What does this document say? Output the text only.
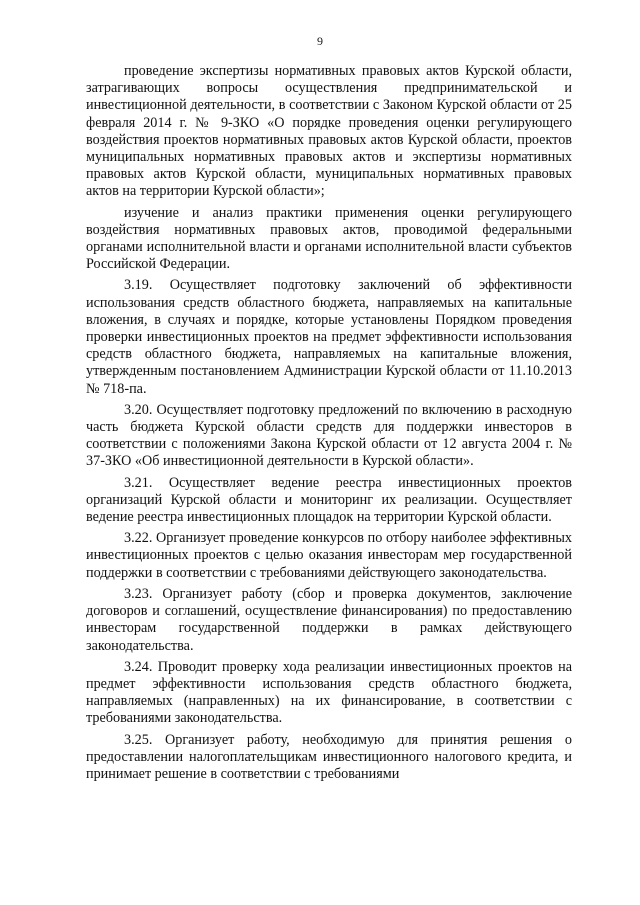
9

проведение экспертизы нормативных правовых актов Курской области, затрагивающих вопросы осуществления предпринимательской и инвестиционной деятельности, в соответствии с Законом Курской области от 25 февраля 2014 г. № 9-ЗКО «О порядке проведения оценки регулирующего воздействия проектов нормативных правовых актов Курской области, проектов муниципальных нормативных правовых актов и экспертизы нормативных правовых актов Курской области, муниципальных нормативных правовых актов на территории Курской области»;

изучение и анализ практики применения оценки регулирующего воздействия нормативных правовых актов, проводимой федеральными органами исполнительной власти и органами исполнительной власти субъектов Российской Федерации.

3.19. Осуществляет подготовку заключений об эффективности использования средств областного бюджета, направляемых на капитальные вложения, в случаях и порядке, которые установлены Порядком проведения проверки инвестиционных проектов на предмет эффективности использования средств областного бюджета, направляемых на капитальные вложения, утвержденным постановлением Администрации Курской области от 11.10.2013 № 718-па.

3.20. Осуществляет подготовку предложений по включению в расходную часть бюджета Курской области средств для поддержки инвесторов в соответствии с положениями Закона Курской области от 12 августа 2004 г. № 37-ЗКО «Об инвестиционной деятельности в Курской области».

3.21. Осуществляет ведение реестра инвестиционных проектов организаций Курской области и мониторинг их реализации. Осуществляет ведение реестра инвестиционных площадок на территории Курской области.

3.22. Организует проведение конкурсов по отбору наиболее эффективных инвестиционных проектов с целью оказания инвесторам мер государственной поддержки в соответствии с требованиями действующего законодательства.

3.23. Организует работу (сбор и проверка документов, заключение договоров и соглашений, осуществление финансирования) по предоставлению инвесторам государственной поддержки в рамках действующего законодательства.

3.24. Проводит проверку хода реализации инвестиционных проектов на предмет эффективности использования средств областного бюджета, направляемых (направленных) на их финансирование, в соответствии с требованиями законодательства.

3.25. Организует работу, необходимую для принятия решения о предоставлении налогоплательщикам инвестиционного налогового кредита, и принимает решение в соответствии с требованиями
